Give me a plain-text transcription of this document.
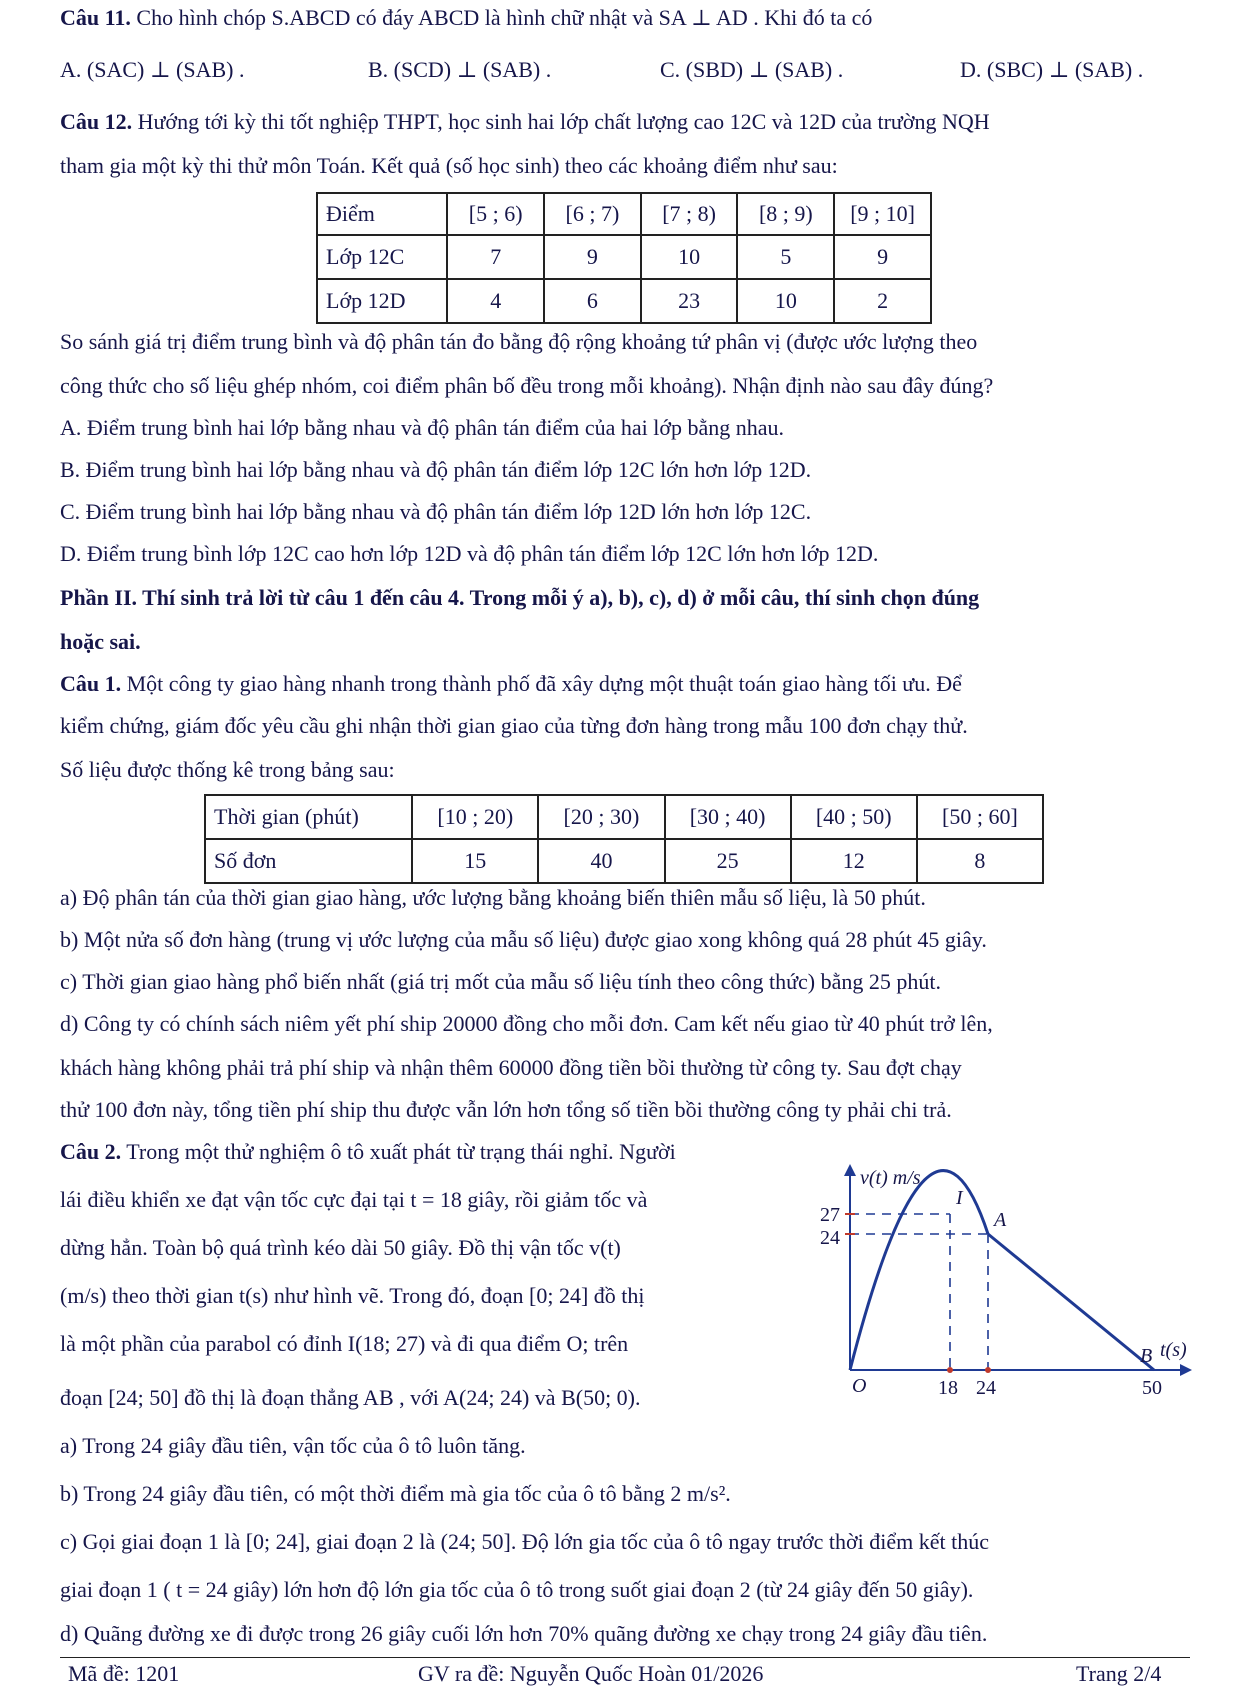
Câu 11. Cho hình chóp S.ABCD có đáy ABCD là hình chữ nhật và SA ⊥ AD . Khi đó ta có
A. (SAC) ⊥ (SAB) .	B. (SCD) ⊥ (SAB) .	C. (SBD) ⊥ (SAB) .	D. (SBC) ⊥ (SAB) .
Câu 12. Hướng tới kỳ thi tốt nghiệp THPT, học sinh hai lớp chất lượng cao 12C và 12D của trường NQH
tham gia một kỳ thi thử môn Toán. Kết quả (số học sinh) theo các khoảng điểm như sau:
Điểm	[5 ; 6)	[6 ; 7)	[7 ; 8)	[8 ; 9)	[9 ; 10]
Lớp 12C	7	9	10	5	9
Lớp 12D	4	6	23	10	2
So sánh giá trị điểm trung bình và độ phân tán đo bằng độ rộng khoảng tứ phân vị (được ước lượng theo
công thức cho số liệu ghép nhóm, coi điểm phân bố đều trong mỗi khoảng). Nhận định nào sau đây đúng?
A. Điểm trung bình hai lớp bằng nhau và độ phân tán điểm của hai lớp bằng nhau.
B. Điểm trung bình hai lớp bằng nhau và độ phân tán điểm lớp 12C lớn hơn lớp 12D.
C. Điểm trung bình hai lớp bằng nhau và độ phân tán điểm lớp 12D lớn hơn lớp 12C.
D. Điểm trung bình lớp 12C cao hơn lớp 12D và độ phân tán điểm lớp 12C lớn hơn lớp 12D.
Phần II. Thí sinh trả lời từ câu 1 đến câu 4. Trong mỗi ý a), b), c), d) ở mỗi câu, thí sinh chọn đúng
hoặc sai.
Câu 1. Một công ty giao hàng nhanh trong thành phố đã xây dựng một thuật toán giao hàng tối ưu. Để
kiểm chứng, giám đốc yêu cầu ghi nhận thời gian giao của từng đơn hàng trong mẫu 100 đơn chạy thử.
Số liệu được thống kê trong bảng sau:
Thời gian (phút)	[10 ; 20)	[20 ; 30)	[30 ; 40)	[40 ; 50)	[50 ; 60]
Số đơn	15	40	25	12	8
a) Độ phân tán của thời gian giao hàng, ước lượng bằng khoảng biến thiên mẫu số liệu, là 50 phút.
b) Một nửa số đơn hàng (trung vị ước lượng của mẫu số liệu) được giao xong không quá 28 phút 45 giây.
c) Thời gian giao hàng phổ biến nhất (giá trị mốt của mẫu số liệu tính theo công thức) bằng 25 phút.
d) Công ty có chính sách niêm yết phí ship 20000 đồng cho mỗi đơn. Cam kết nếu giao từ 40 phút trở lên,
khách hàng không phải trả phí ship và nhận thêm 60000 đồng tiền bồi thường từ công ty. Sau đợt chạy
thử 100 đơn này, tổng tiền phí ship thu được vẫn lớn hơn tổng số tiền bồi thường công ty phải chi trả.
Câu 2. Trong một thử nghiệm ô tô xuất phát từ trạng thái nghỉ. Người
lái điều khiển xe đạt vận tốc cực đại tại t = 18 giây, rồi giảm tốc và
dừng hẳn. Toàn bộ quá trình kéo dài 50 giây. Đồ thị vận tốc v(t)
(m/s) theo thời gian t(s) như hình vẽ. Trong đó, đoạn [0; 24] đồ thị
là một phần của parabol có đỉnh I(18; 27) và đi qua điểm O; trên
đoạn [24; 50] đồ thị là đoạn thẳng AB , với A(24; 24) và B(50; 0).
v(t) m/s
t(s)
O
27
24
18 24	50
I
A
B
a) Trong 24 giây đầu tiên, vận tốc của ô tô luôn tăng.
b) Trong 24 giây đầu tiên, có một thời điểm mà gia tốc của ô tô bằng 2 m/s².
c) Gọi giai đoạn 1 là [0; 24], giai đoạn 2 là (24; 50]. Độ lớn gia tốc của ô tô ngay trước thời điểm kết thúc
giai đoạn 1 ( t = 24 giây) lớn hơn độ lớn gia tốc của ô tô trong suốt giai đoạn 2 (từ 24 giây đến 50 giây).
d) Quãng đường xe đi được trong 26 giây cuối lớn hơn 70% quãng đường xe chạy trong 24 giây đầu tiên.
Mã đề: 1201	GV ra đề: Nguyễn Quốc Hoàn 01/2026	Trang 2/4
